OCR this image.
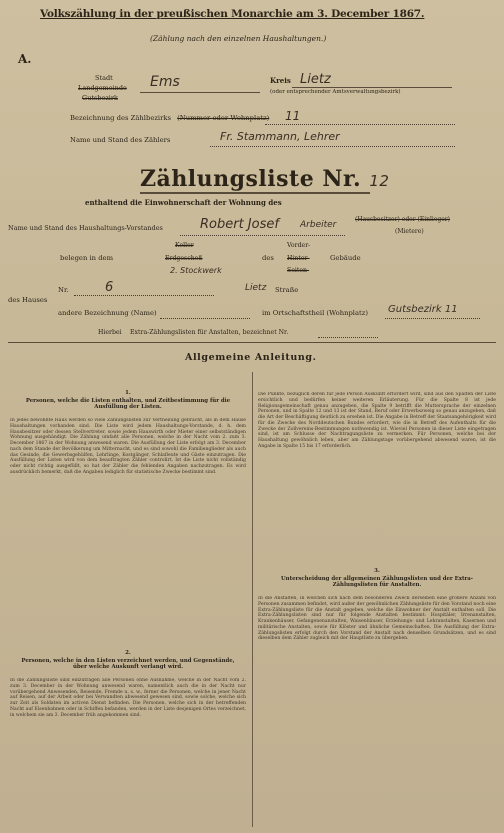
Volkszählung in der preußischen Monarchie am 3. December 1867.
A.
(Zählung nach den einzelnen Haushaltungen.)
Stadt
Landgemeinde
Gutsbezirk
Ems	Kreis Lietz
(oder entsprechender Amtsverwaltungsbezirk)
Bezeichnung des Zählbezirks (Nummer oder Wohnplatz) 11
Name und Stand des Zählers	Fr. Stammann, Lehrer
Zählungsliste Nr. 12
enthaltend die Einwohnerschaft der Wohnung des
Name und Stand des Haushaltungs-Vorstandes	Robert Josef Arbeiter
(Hausbesitzer) oder (Einlieger)
(Mietere)
belegen in dem
Keller
Erdgeschoß
2. Stockwerk
des
Vorder-
Hinter-
Seiten-
Gebäude
des Hauses
Nr.	6	Lietz Straße
andere Bezeichnung (Name)	im Ortschaftstheil (Wohnplatz) Gutsbezirk 11
Hierbei Extra-Zählungslisten für Anstalten, bezeichnet Nr.
Allgemeine Anleitung.
1.
Personen, welche die Listen enthalten, und Zeitbestimmung für die Ausfüllung der Listen.
In jedes bewohnte Haus werden so viele Zählungslisten zur Vertheilung gebracht, als in dem Hause Haushaltungen vorhanden sind. Die Liste wird jedem Haushaltungs-Vorstande, d. h. dem Hausbesitzer oder dessen Stellvertreter, sowie jedem Hauswirth oder Mieter einer selbstständigen Wohnung ausgehändigt. Die Zählung umfaßt alle Personen, welche in der Nacht vom 2. zum 3. December 1867 in der Wohnung anwesend waren. Die Ausfüllung der Liste erfolgt am 3. December nach dem Stande der Bevölkerung um Mitternacht, und es sind sowohl die Familienglieder als auch das Gesinde, die Gewerbsgehülfen, Lehrlinge, Kostgänger, Schlafleute und Gäste einzutragen. Die Ausfüllung der Listen wird von dem beauftragten Zähler controlirt. Ist die Liste nicht vollständig oder nicht richtig ausgefüllt, so hat der Zähler die fehlenden Angaben nachzutragen. Es wird ausdrücklich bemerkt, daß die Angaben lediglich für statistische Zwecke bestimmt sind.
2.
Personen, welche in den Listen verzeichnet werden, und Gegenstände, über welche Auskunft verlangt wird.
In die Zählungsliste sind einzutragen alle Personen ohne Ausnahme, welche in der Nacht vom 2. zum 3. December in der Wohnung anwesend waren, namentlich auch die in der Nacht nur vorübergehend Anwesenden, Reisende, Fremde u. s. w., ferner die Personen, welche in jener Nacht auf Reisen, auf der Arbeit oder bei Verwandten abwesend gewesen sind, sowie solche, welche sich zur Zeit als Soldaten im activen Dienst befinden. Die Personen, welche sich in der betreffenden Nacht auf Eisenbahnen oder in Schiffen befanden, werden in der Liste desjenigen Ortes verzeichnet, in welchem sie am 3. December früh angekommen sind.
Die Punkte, bezüglich deren für jede Person Auskunft erfordert wird, sind aus den Spalten der Liste ersichtlich und bedürfen keiner weiteren Erläuterung. Für die Spalte 8 ist jede Religionsgemeinschaft genau anzugeben, die Spalte 9 betrifft die Muttersprache der einzelnen Personen, und in Spalte 12 und 13 ist der Stand, Beruf oder Erwerbszweig so genau anzugeben, daß die Art der Beschäftigung deutlich zu ersehen ist. Die Angabe in Betreff der Staatsangehörigkeit wird für die Zwecke des Norddeutschen Bundes erfordert, wie die in Betreff des Aufenthalts für die Zwecke der Zollvereins-Bestimmungen nothwendig ist. Wieviel Personen in dieser Liste eingetragen sind, ist am Schlusse der Nachtragungsliste zu vermerken. Für Personen, welche bei der Haushaltung gewöhnlich leben, aber am Zählungstage vorübergehend abwesend waren, ist die Angabe in Spalte 15 bis 17 erforderlich.
3.
Unterscheidung der allgemeinen Zählungslisten und der Extra-Zählungslisten für Anstalten.
In die Anstalten, in welchen sich nach dem besonderen Zweck derselben eine größere Anzahl von Personen zusammen befindet, wird außer der gewöhnlichen Zählungsliste für den Vorstand noch eine Extra-Zählungsliste für die Anstalt gegeben, welche die Einwohner der Anstalt enthalten soll. Die Extra-Zählungslisten sind nur für folgende Anstalten bestimmt: Hospitäler, Irrenanstalten, Krankenhäuser, Gefangenenanstalten, Waisenhäuser, Erziehungs- und Lehranstalten, Kasernen und militärische Anstalten, sowie für Klöster und ähnliche Gemeinschaften. Die Ausfüllung der Extra-Zählungslisten erfolgt durch den Vorstand der Anstalt nach denselben Grundsätzen, und es sind dieselben dem Zähler zugleich mit der Hauptliste zu übergeben.
